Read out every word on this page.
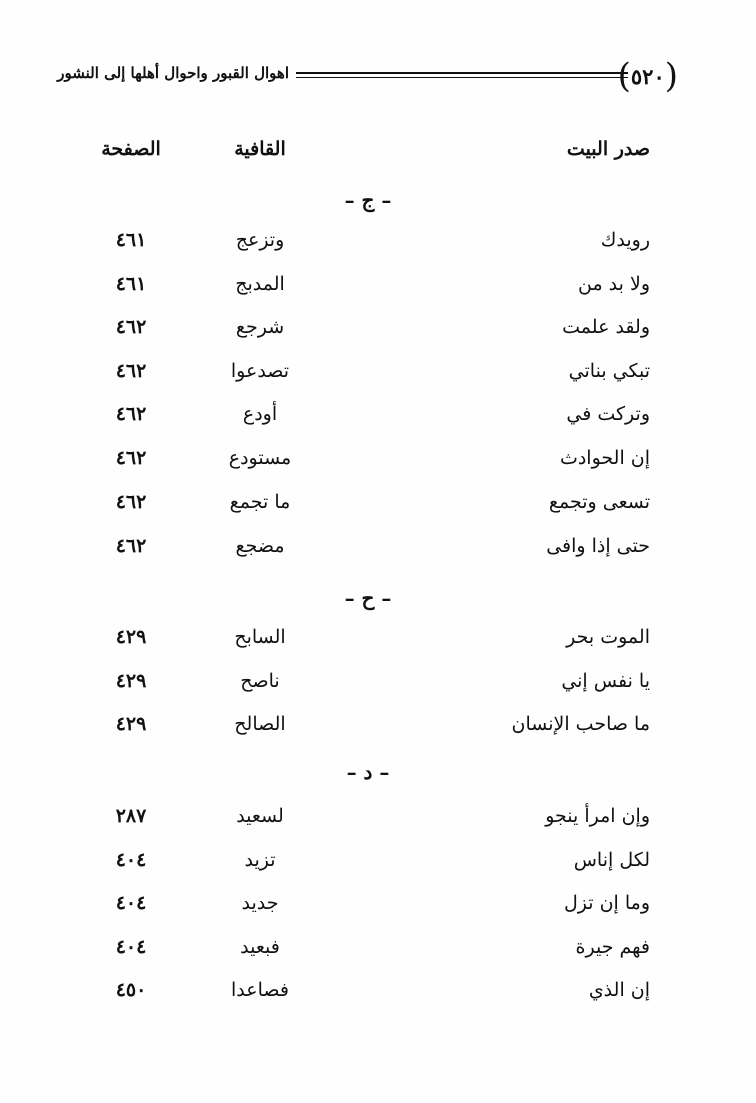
( ٥٢٠ )
اهوال القبور واحوال أهلها إلى النشور
صدر البيت
القافية
الصفحة
– ج –
رويدك
وتزعج
٤٦١
ولا بد من
المدبج
٤٦١
ولقد علمت
شرجع
٤٦٢
تبكي بناتي
تصدعوا
٤٦٢
وتركت في
أودع
٤٦٢
إن الحوادث
مستودع
٤٦٢
تسعى وتجمع
ما تجمع
٤٦٢
حتى إذا وافى
مضجع
٤٦٢
– ح –
الموت بحر
السابح
٤٢٩
يا نفس إني
ناصح
٤٢٩
ما صاحب الإنسان
الصالح
٤٢٩
– د –
وإن امرأ ينجو
لسعيد
٢٨٧
لكل إناس
تزيد
٤٠٤
وما إن تزل
جديد
٤٠٤
فهم جيرة
فبعيد
٤٠٤
إن الذي
فصاعدا
٤٥٠
